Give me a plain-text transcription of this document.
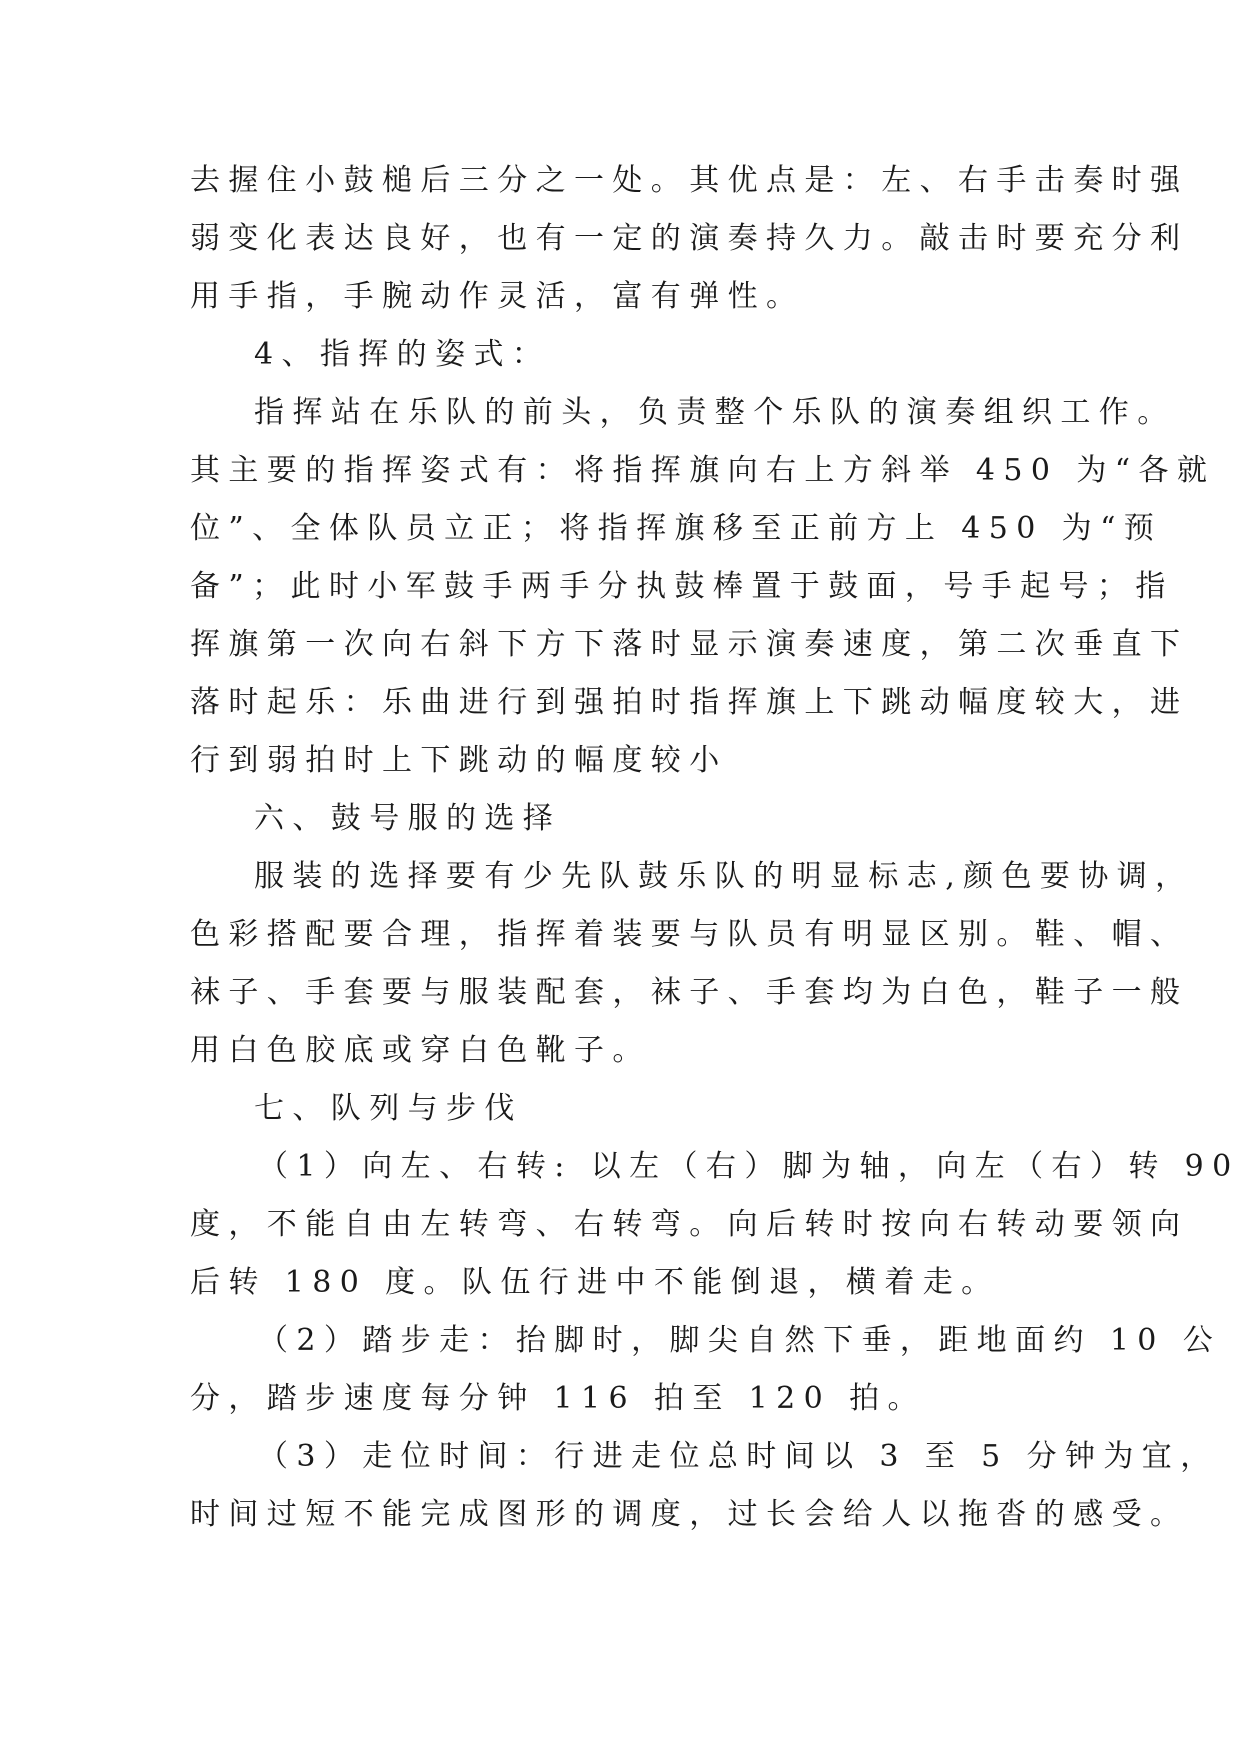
去握住小鼓槌后三分之一处。其优点是：左、右手击奏时强
弱变化表达良好，也有一定的演奏持久力。敲击时要充分利
用手指，手腕动作灵活，富有弹性。
4、指挥的姿式：
指挥站在乐队的前头，负责整个乐队的演奏组织工作。
其主要的指挥姿式有：将指挥旗向右上方斜举 450 为“各就
位”、全体队员立正；将指挥旗移至正前方上 450 为“预
备”；此时小军鼓手两手分执鼓棒置于鼓面，号手起号；指
挥旗第一次向右斜下方下落时显示演奏速度，第二次垂直下
落时起乐：乐曲进行到强拍时指挥旗上下跳动幅度较大，进
行到弱拍时上下跳动的幅度较小
六、鼓号服的选择
服装的选择要有少先队鼓乐队的明显标志,颜色要协调，
色彩搭配要合理，指挥着装要与队员有明显区别。鞋、帽、
袜子、手套要与服装配套，袜子、手套均为白色，鞋子一般
用白色胶底或穿白色靴子。
七、队列与步伐
（1）向左、右转: 以左（右）脚为轴，向左（右）转 90
度，不能自由左转弯、右转弯。向后转时按向右转动要领向
后转 180 度。队伍行进中不能倒退，横着走。
（2）踏步走：抬脚时，脚尖自然下垂，距地面约 10 公
分，踏步速度每分钟 116 拍至 120 拍。
（3）走位时间：行进走位总时间以 3 至 5 分钟为宜，
时间过短不能完成图形的调度，过长会给人以拖沓的感受。
